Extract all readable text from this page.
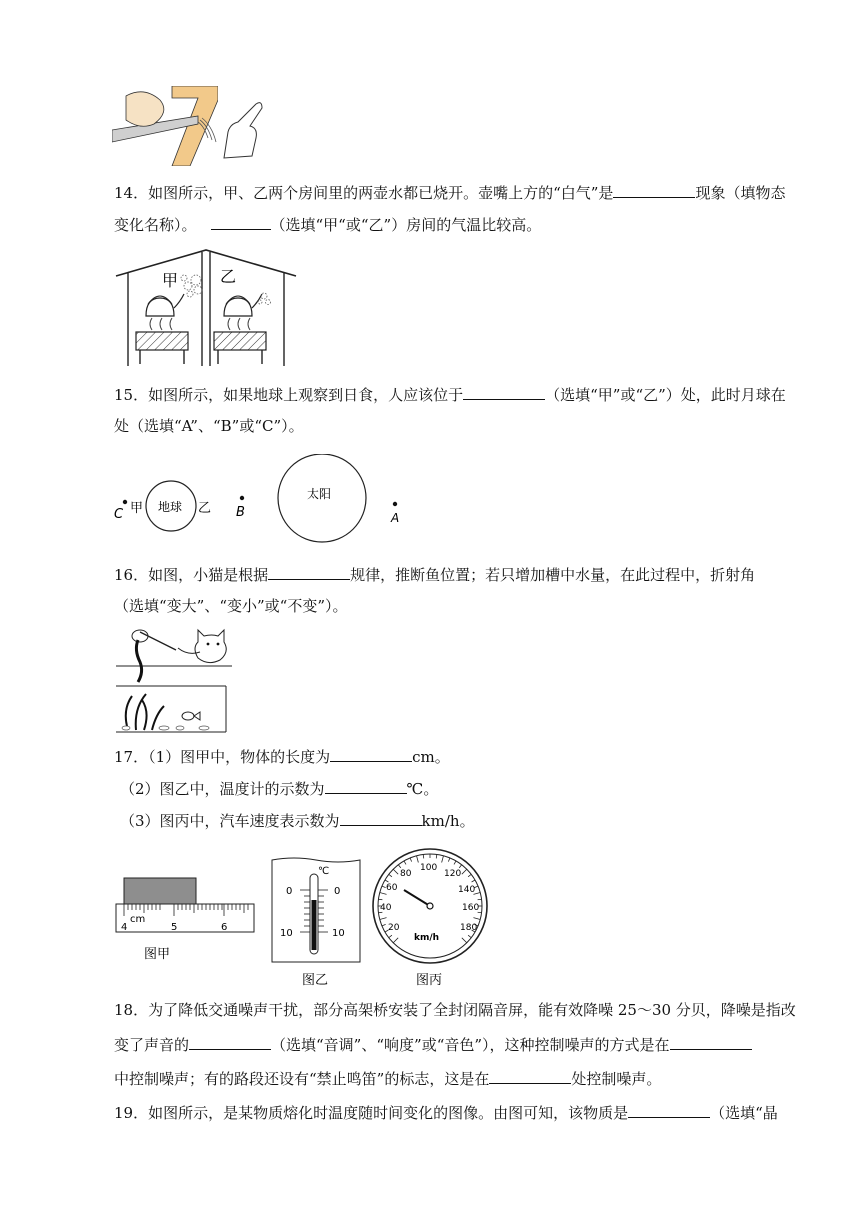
14．如图所示，甲、乙两个房间里的两壶水都已烧开。壶嘴上方的“白气”是	现象（填物态
变化名称）。	（选填“甲“或“乙”）房间的气温比较高。
甲	乙
15．如图所示，如果地球上观察到日食，人应该位于	（选填“甲”或“乙”）处，此时月球在
处（选填“A”、“B”或“C”）。
C 甲 地球 乙 B
太阳
A
16．如图，小猫是根据	规律，推断鱼位置；若只增加槽中水量，在此过程中，折射角
（选填“变大”、“变小”或“不变”）。
17．（1）图甲中，物体的长度为	cm。
（2）图乙中，温度计的示数为	℃。
（3）图丙中，汽车速度表示数为	km/h。
cm
4	5	6
图甲
℃
0	0
10	10
图乙
20
40
60
80
100
120
140
160
180
km/h
图丙
18．为了降低交通噪声干扰，部分高架桥安装了全封闭隔音屏，能有效降噪 25～30 分贝，降噪是指改
变了声音的	（选填“音调”、“响度”或“音色”），这种控制噪声的方式是在
中控制噪声；有的路段还设有“禁止鸣笛”的标志，这是在	处控制噪声。
19．如图所示，是某物质熔化时温度随时间变化的图像。由图可知，该物质是	（选填“晶
